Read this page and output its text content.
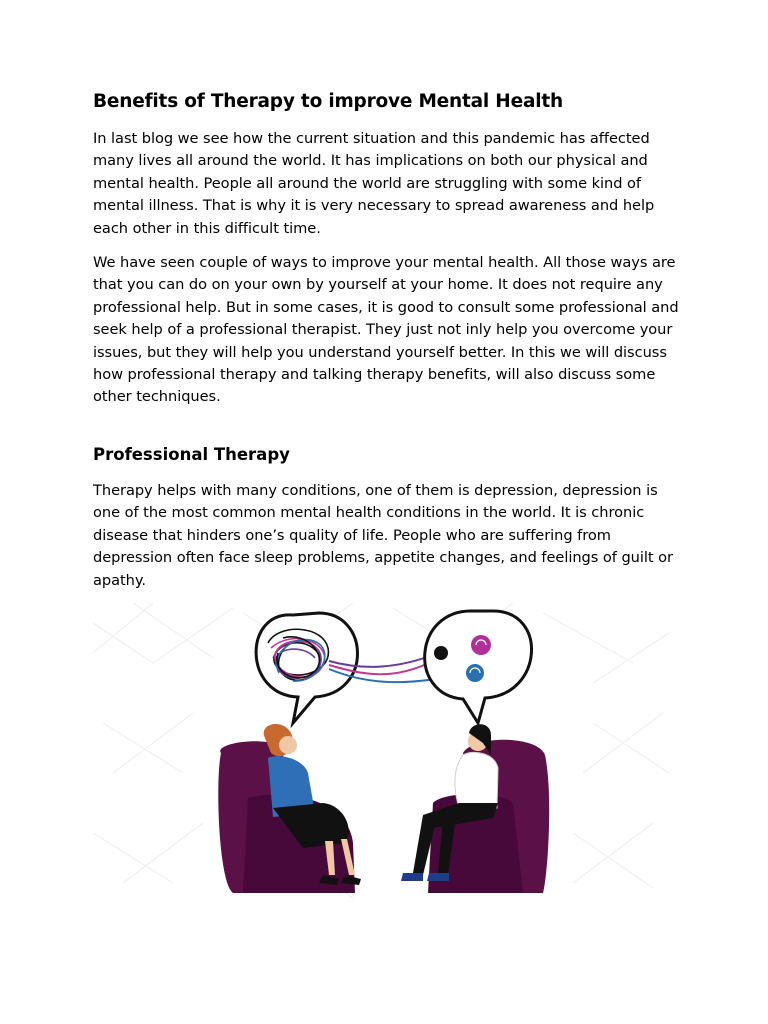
Benefits of Therapy to improve Mental Health

In last blog we see how the current situation and this pandemic has affected many lives all around the world. It has implications on both our physical and mental health. People all around the world are struggling with some kind of mental illness. That is why it is very necessary to spread awareness and help each other in this difficult time.

We have seen couple of ways to improve your mental health. All those ways are that you can do on your own by yourself at your home. It does not require any professional help. But in some cases, it is good to consult some professional and seek help of a professional therapist. They just not inly help you overcome your issues, but they will help you understand yourself better. In this we will discuss how professional therapy and talking therapy benefits, will also discuss some other techniques.

Professional Therapy

Therapy helps with many conditions, one of them is depression, depression is one of the most common mental health conditions in the world. It is chronic disease that hinders one’s quality of life. People who are suffering from depression often face sleep problems, appetite changes, and feelings of guilt or apathy.
